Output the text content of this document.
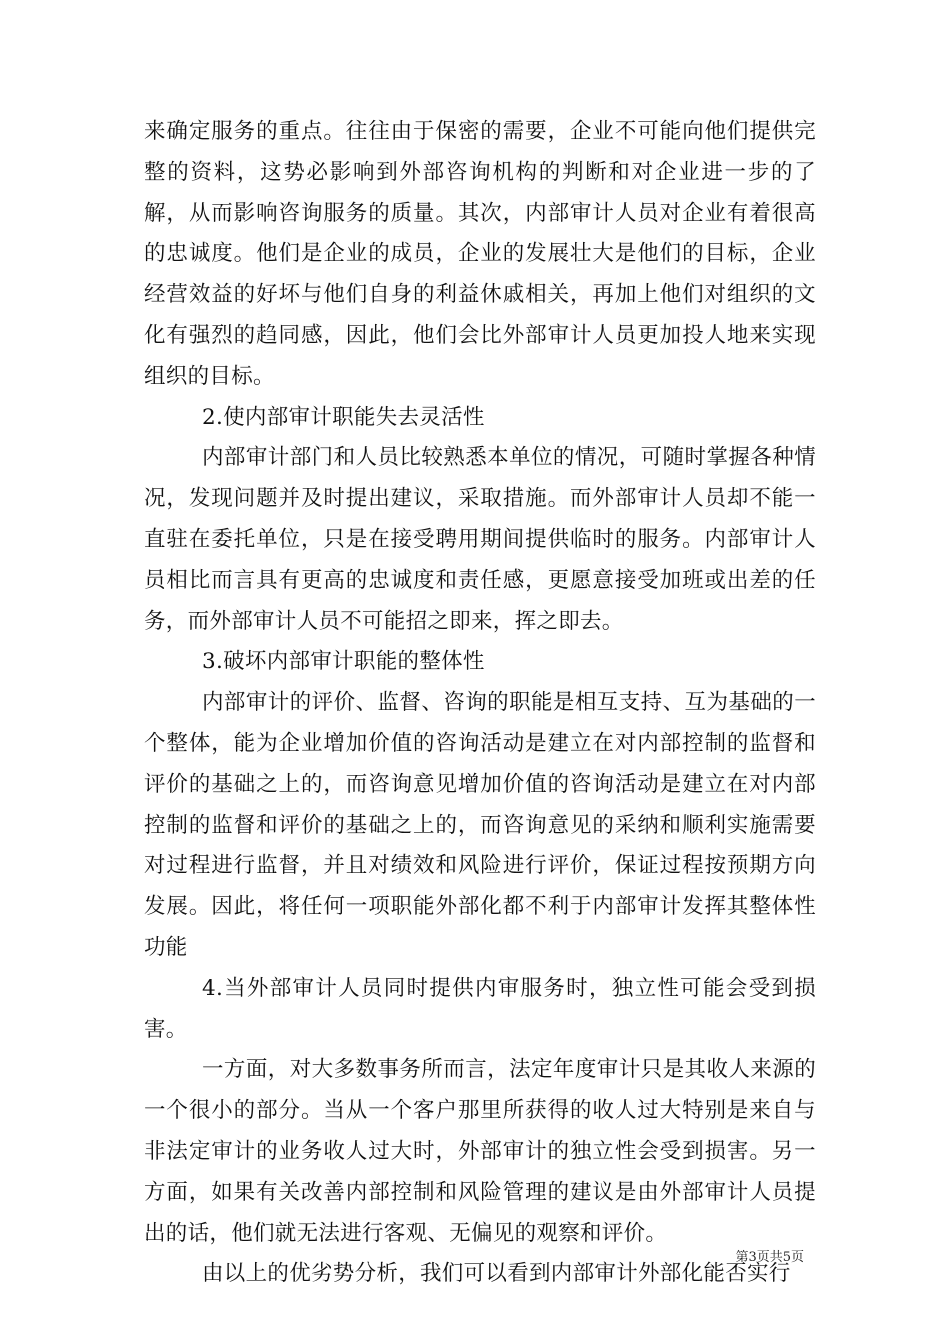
来确定服务的重点。往往由于保密的需要，企业不可能向他们提供完整的资料，这势必影响到外部咨询机构的判断和对企业进一步的了解，从而影响咨询服务的质量。其次，内部审计人员对企业有着很高的忠诚度。他们是企业的成员，企业的发展壮大是他们的目标，企业经营效益的好坏与他们自身的利益休戚相关，再加上他们对组织的文化有强烈的趋同感，因此，他们会比外部审计人员更加投人地来实现组织的目标。

2.使内部审计职能失去灵活性

内部审计部门和人员比较熟悉本单位的情况，可随时掌握各种情况，发现问题并及时提出建议，采取措施。而外部审计人员却不能一直驻在委托单位，只是在接受聘用期间提供临时的服务。内部审计人员相比而言具有更高的忠诚度和责任感，更愿意接受加班或出差的任务，而外部审计人员不可能招之即来，挥之即去。

3.破坏内部审计职能的整体性

内部审计的评价、监督、咨询的职能是相互支持、互为基础的一个整体，能为企业增加价值的咨询活动是建立在对内部控制的监督和评价的基础之上的，而咨询意见增加价值的咨询活动是建立在对内部控制的监督和评价的基础之上的，而咨询意见的采纳和顺利实施需要对过程进行监督，并且对绩效和风险进行评价，保证过程按预期方向发展。因此，将任何一项职能外部化都不利于内部审计发挥其整体性功能

4.当外部审计人员同时提供内审服务时，独立性可能会受到损害。

一方面，对大多数事务所而言，法定年度审计只是其收人来源的一个很小的部分。当从一个客户那里所获得的收人过大特别是来自与非法定审计的业务收人过大时，外部审计的独立性会受到损害。另一方面，如果有关改善内部控制和风险管理的建议是由外部审计人员提出的话，他们就无法进行客观、无偏见的观察和评价。

由以上的优劣势分析，我们可以看到内部审计外部化能否实行

第3页共5页
